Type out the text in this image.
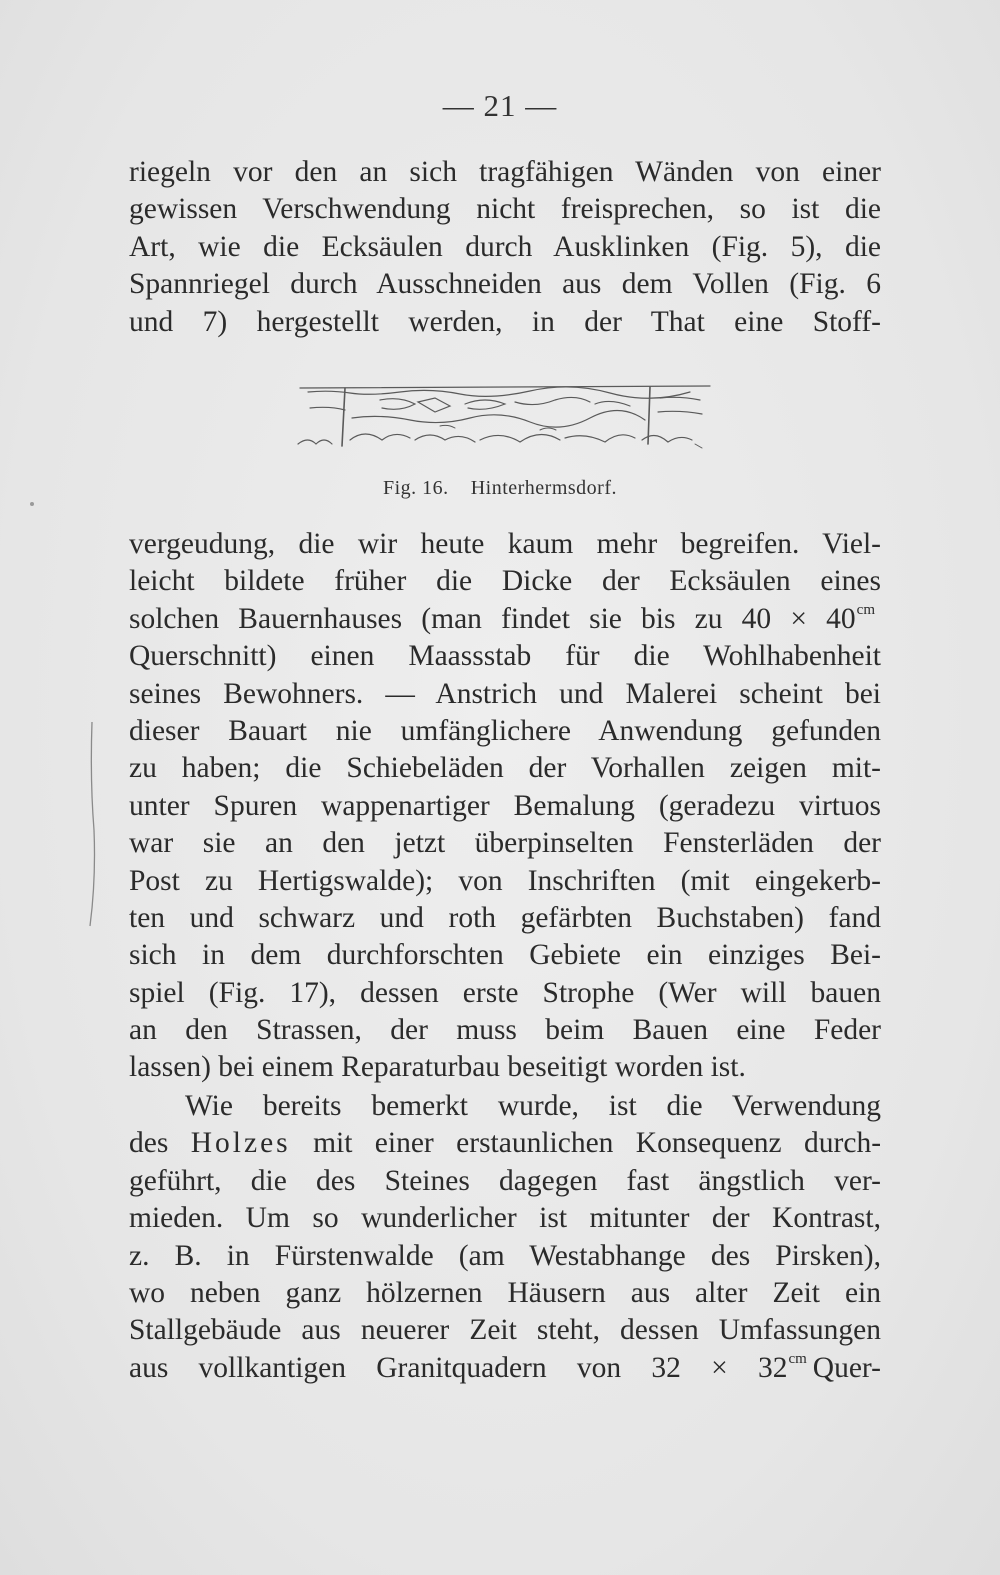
— 21 —
riegeln vor den an sich tragfähigen Wänden von einer
gewissen Verschwendung nicht freisprechen, so ist die
Art, wie die Ecksäulen durch Ausklinken (Fig. 5), die
Spannriegel durch Ausschneiden aus dem Vollen (Fig. 6
und 7) hergestellt werden, in der That eine Stoff-
Fig. 16. Hinterhermsdorf.
vergeudung, die wir heute kaum mehr begreifen. Viel-
leicht bildete früher die Dicke der Ecksäulen eines
solchen Bauernhauses (man findet sie bis zu $40 \times 40^{cm}$
Querschnitt) einen Maassstab für die Wohlhabenheit
seines Bewohners. — Anstrich und Malerei scheint bei
dieser Bauart nie umfänglichere Anwendung gefunden
zu haben; die Schiebeläden der Vorhallen zeigen mit-
unter Spuren wappenartiger Bemalung (geradezu virtuos
war sie an den jetzt überpinselten Fensterläden der
Post zu Hertigswalde); von Inschriften (mit eingekerb-
ten und schwarz und roth gefärbten Buchstaben) fand
sich in dem durchforschten Gebiete ein einziges Bei-
spiel (Fig. 17), dessen erste Strophe (Wer will bauen
an den Strassen, der muss beim Bauen eine Feder
lassen) bei einem Reparaturbau beseitigt worden ist.
Wie bereits bemerkt wurde, ist die Verwendung
des Holzes mit einer erstaunlichen Konsequenz durch-
geführt, die des Steines dagegen fast ängstlich ver-
mieden. Um so wunderlicher ist mitunter der Kontrast,
z. B. in Fürstenwalde (am Westabhange des Pirsken),
wo neben ganz hölzernen Häusern aus alter Zeit ein
Stallgebäude aus neuerer Zeit steht, dessen Umfassungen
aus vollkantigen Granitquadern von $32 \times 32^{cm}$ Quer-
